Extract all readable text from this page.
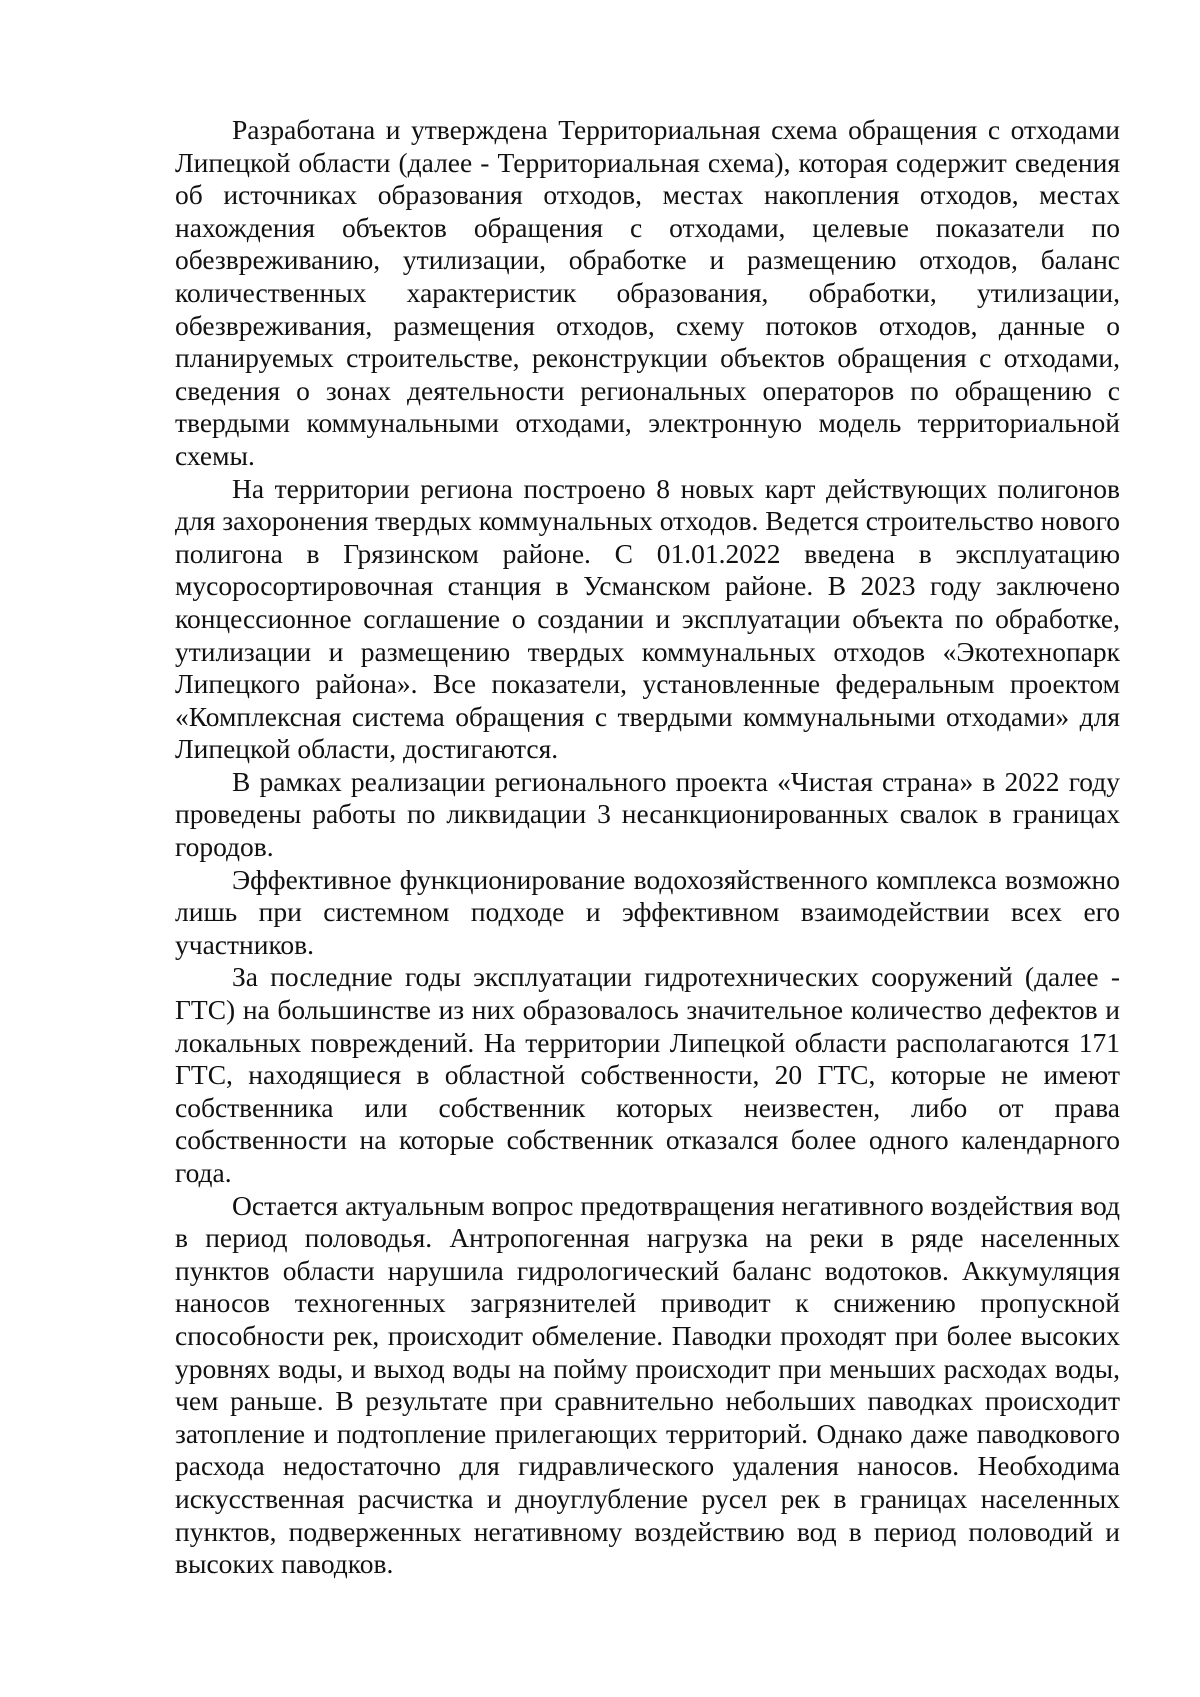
Разработана и утверждена Территориальная схема обращения с отходами Липецкой области (далее - Территориальная схема), которая содержит сведения об источниках образования отходов, местах накопления отходов, местах нахождения объектов обращения с отходами, целевые показатели по обезвреживанию, утилизации, обработке и размещению отходов, баланс количественных характеристик образования, обработки, утилизации, обезвреживания, размещения отходов, схему потоков отходов, данные о планируемых строительстве, реконструкции объектов обращения с отходами, сведения о зонах деятельности региональных операторов по обращению с твердыми коммунальными отходами, электронную модель территориальной схемы.

На территории региона построено 8 новых карт действующих полигонов для захоронения твердых коммунальных отходов. Ведется строительство нового полигона в Грязинском районе. С 01.01.2022 введена в эксплуатацию мусоросортировочная станция в Усманском районе. В 2023 году заключено концессионное соглашение о создании и эксплуатации объекта по обработке, утилизации и размещению твердых коммунальных отходов «Экотехнопарк Липецкого района». Все показатели, установленные федеральным проектом «Комплексная система обращения с твердыми коммунальными отходами» для Липецкой области, достигаются.

В рамках реализации регионального проекта «Чистая страна» в 2022 году проведены работы по ликвидации 3 несанкционированных свалок в границах городов.

Эффективное функционирование водохозяйственного комплекса возможно лишь при системном подходе и эффективном взаимодействии всех его участников.

За последние годы эксплуатации гидротехнических сооружений (далее - ГТС) на большинстве из них образовалось значительное количество дефектов и локальных повреждений. На территории Липецкой области располагаются 171 ГТС, находящиеся в областной собственности, 20 ГТС, которые не имеют собственника или собственник которых неизвестен, либо от права собственности на которые собственник отказался более одного календарного года.

Остается актуальным вопрос предотвращения негативного воздействия вод в период половодья. Антропогенная нагрузка на реки в ряде населенных пунктов области нарушила гидрологический баланс водотоков. Аккумуляция наносов техногенных загрязнителей приводит к снижению пропускной способности рек, происходит обмеление. Паводки проходят при более высоких уровнях воды, и выход воды на пойму происходит при меньших расходах воды, чем раньше. В результате при сравнительно небольших паводках происходит затопление и подтопление прилегающих территорий. Однако даже паводкового расхода недостаточно для гидравлического удаления наносов. Необходима искусственная расчистка и дноуглубление русел рек в границах населенных пунктов, подверженных негативному воздействию вод в период половодий и высоких паводков.
